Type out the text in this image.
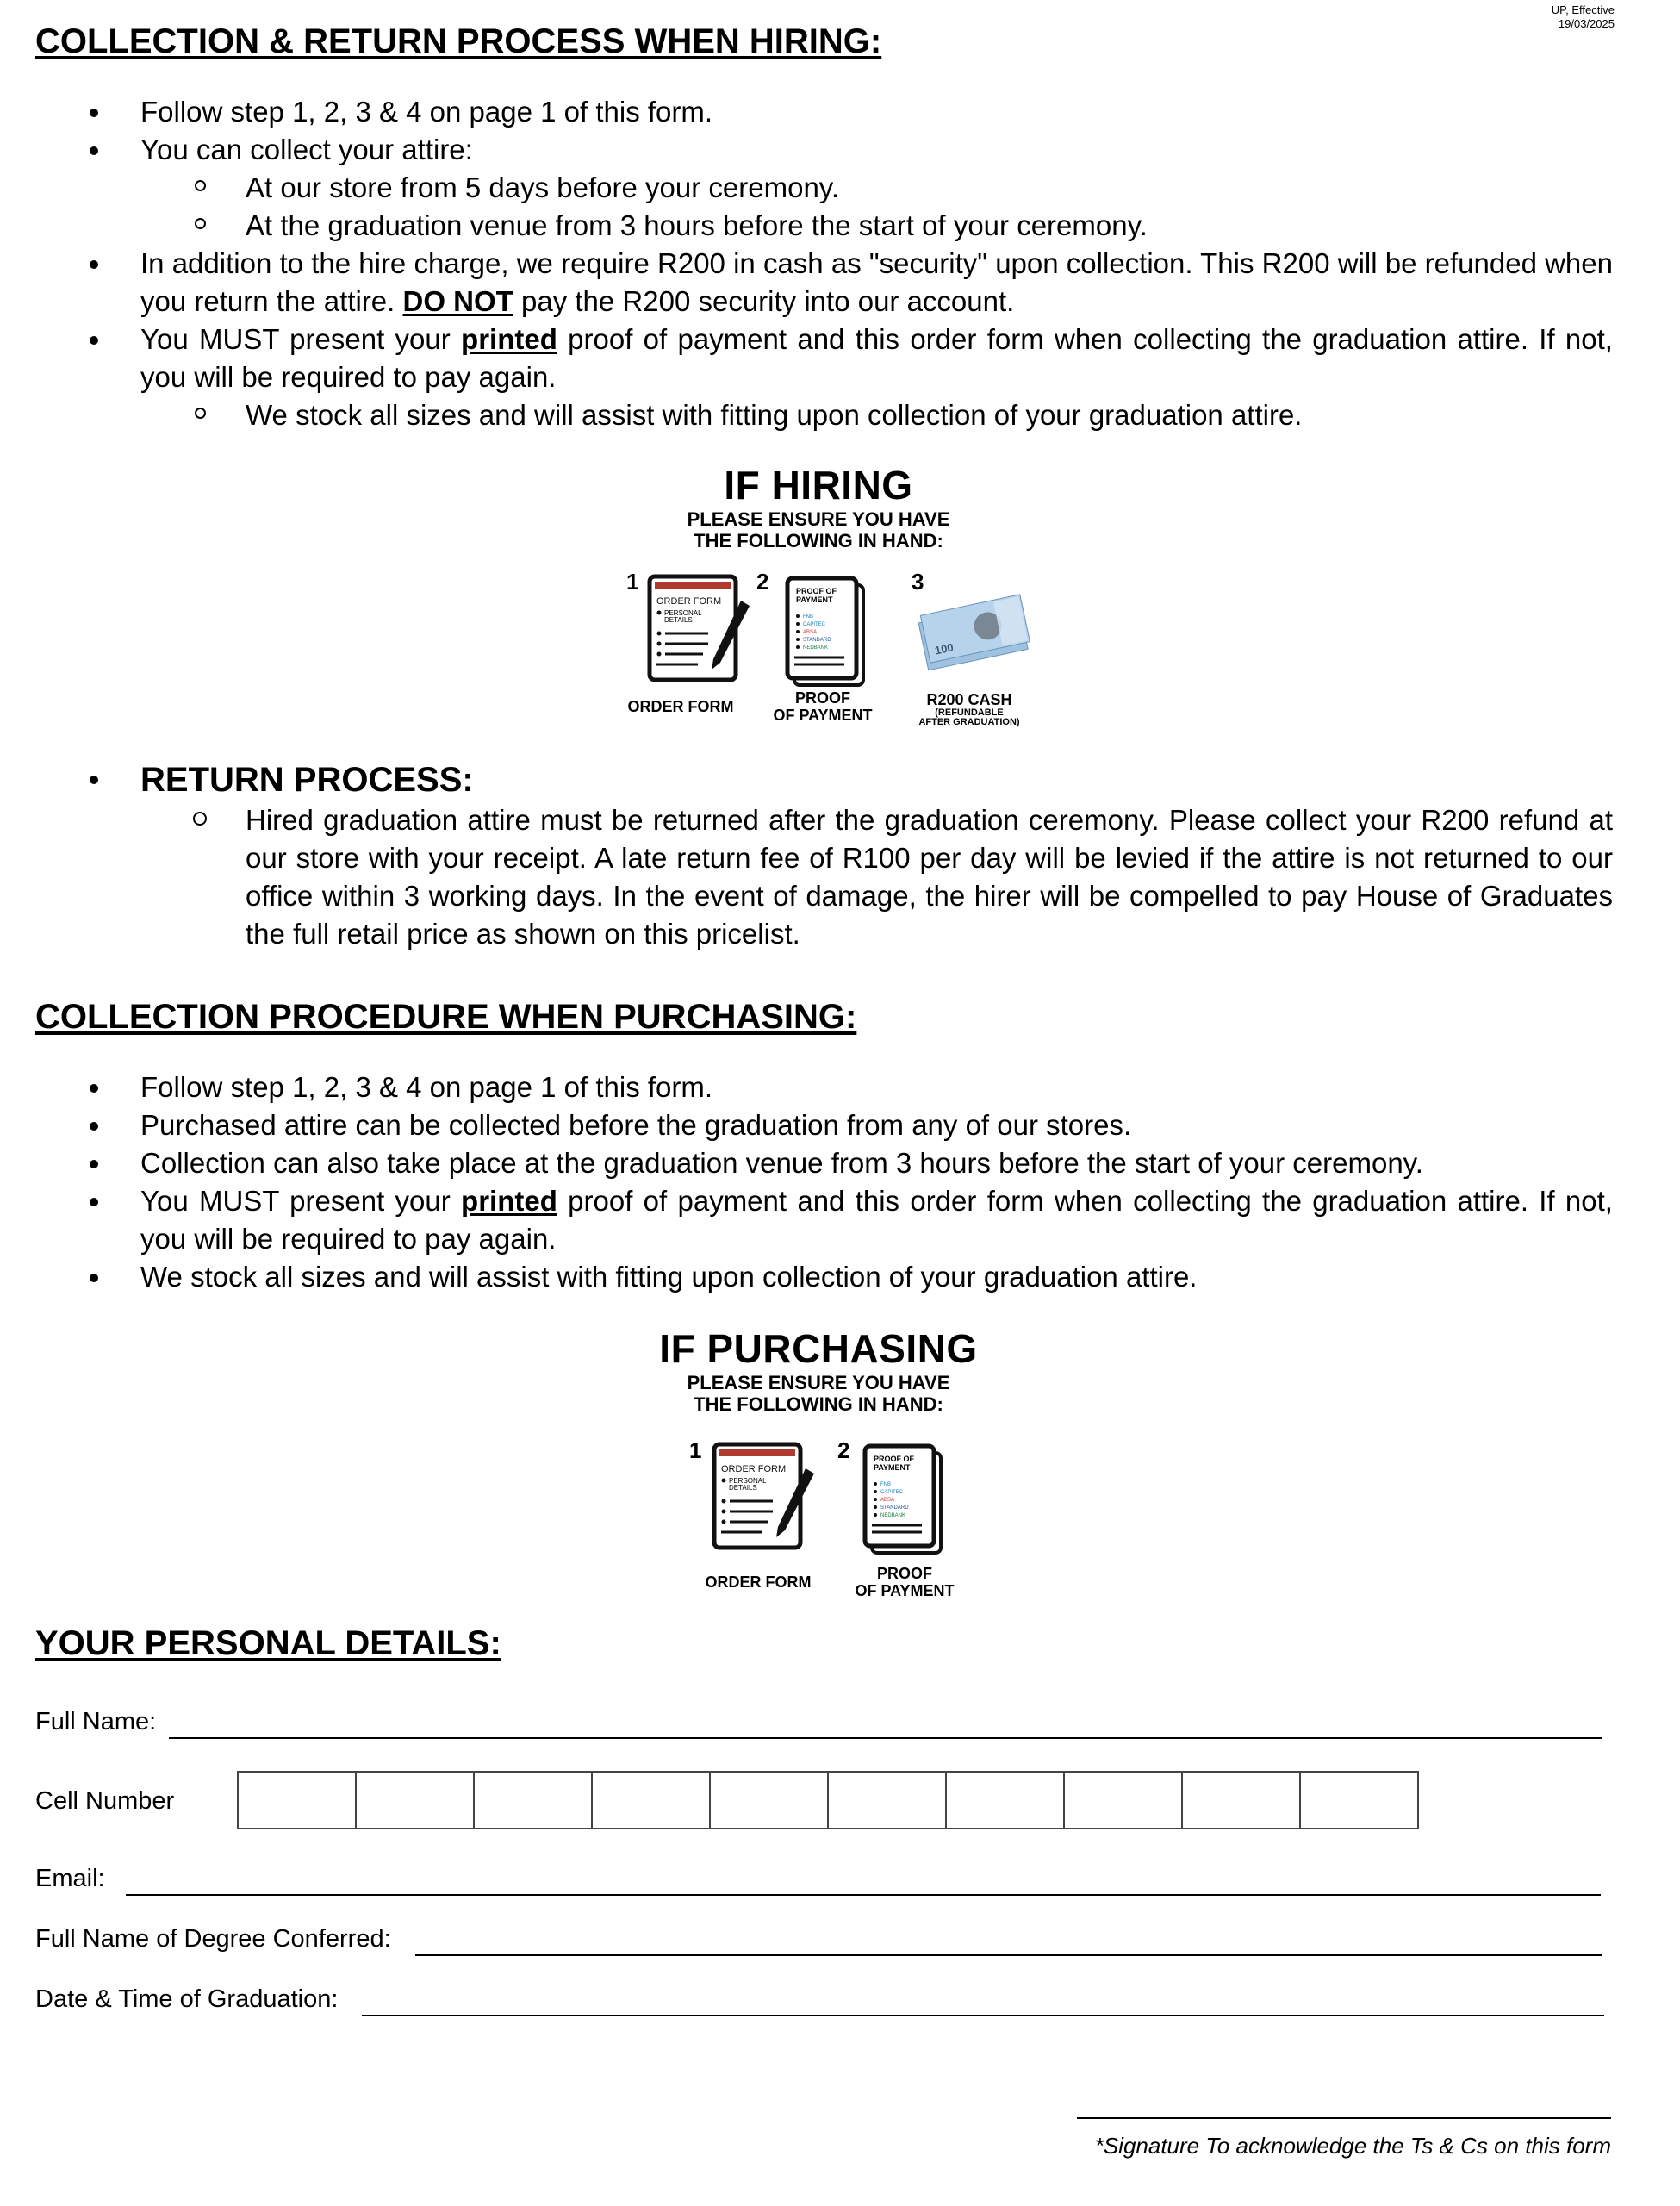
UP, Effective
19/03/2025
COLLECTION & RETURN PROCESS WHEN HIRING:
Follow step 1, 2, 3 & 4 on page 1 of this form.
You can collect your attire:
At our store from 5 days before your ceremony.
At the graduation venue from 3 hours before the start of your ceremony.
In addition to the hire charge, we require R200 in cash as "security" upon collection. This R200 will be refunded when you return the attire. DO NOT pay the R200 security into our account.
You MUST present your printed proof of payment and this order form when collecting the graduation attire. If not, you will be required to pay again.
We stock all sizes and will assist with fitting upon collection of your graduation attire.
IF HIRING
PLEASE ENSURE YOU HAVE
THE FOLLOWING IN HAND:
1	2	3
ORDER FORM
PERSONAL
DETAILS
PROOF OF
PAYMENT
FNB
CAPITEC
ABSA
STANDARD
NEDBANK	100
ORDER FORM	PROOF
OF PAYMENT
R200 CASH
(REFUNDABLE
AFTER GRADUATION)
RETURN PROCESS:
Hired graduation attire must be returned after the graduation ceremony. Please collect your R200 refund at our store with your receipt. A late return fee of R100 per day will be levied if the attire is not returned to our office within 3 working days. In the event of damage, the hirer will be compelled to pay House of Graduates the full retail price as shown on this pricelist.
COLLECTION PROCEDURE WHEN PURCHASING:
Follow step 1, 2, 3 & 4 on page 1 of this form.
Purchased attire can be collected before the graduation from any of our stores.
Collection can also take place at the graduation venue from 3 hours before the start of your ceremony.
You MUST present your printed proof of payment and this order form when collecting the graduation attire. If not, you will be required to pay again.
We stock all sizes and will assist with fitting upon collection of your graduation attire.
IF PURCHASING
PLEASE ENSURE YOU HAVE
THE FOLLOWING IN HAND:
1	2
ORDER FORM
PERSONAL
DETAILS
PROOF OF
PAYMENT
FNB
CAPITEC
ABSA
STANDARD
NEDBANK
ORDER FORM	PROOF
OF PAYMENT
YOUR PERSONAL DETAILS:
Full Name:
Cell Number
Email:
Full Name of Degree Conferred:
Date & Time of Graduation:
*Signature To acknowledge the Ts & Cs on this form
